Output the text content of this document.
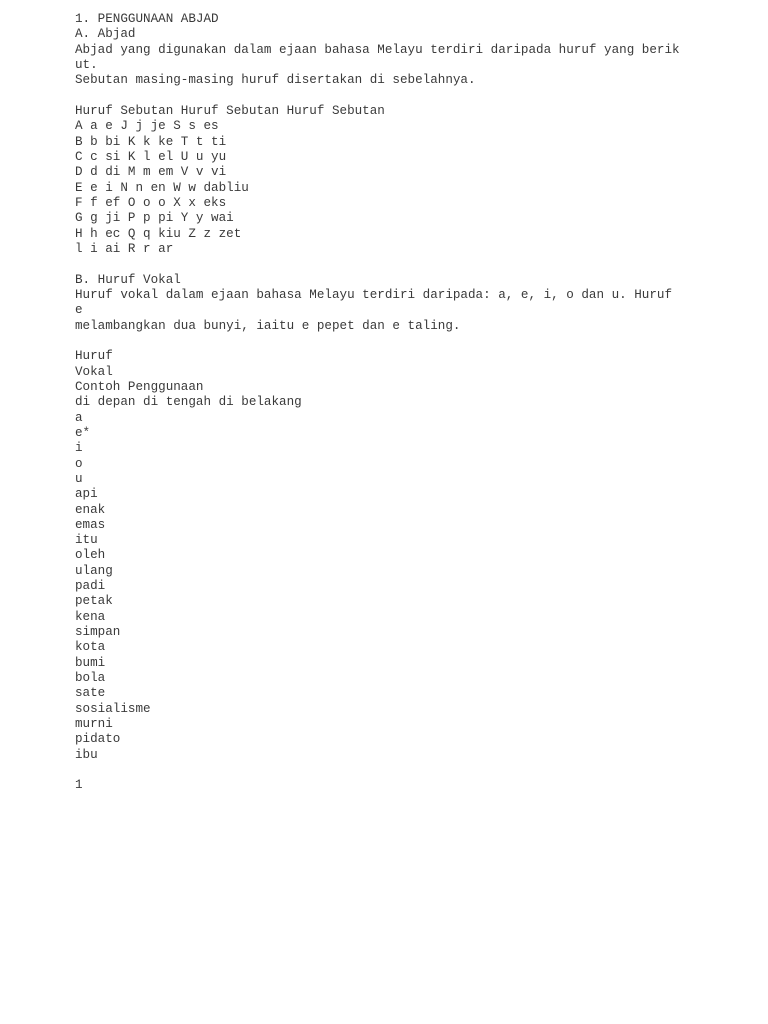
1. PENGGUNAAN ABJAD
A. Abjad
Abjad yang digunakan dalam ejaan bahasa Melayu terdiri daripada huruf yang berik
ut.
Sebutan masing-masing huruf disertakan di sebelahnya.
Huruf Sebutan Huruf Sebutan Huruf Sebutan
A a e J j je S s es
B b bi K k ke T t ti
C c si K l el U u yu
D d di M m em V v vi
E e i N n en W w dabliu
F f ef O o o X x eks
G g ji P p pi Y y wai
H h ec Q q kiu Z z zet
l i ai R r ar
B. Huruf Vokal
Huruf vokal dalam ejaan bahasa Melayu terdiri daripada: a, e, i, o dan u. Huruf
e
melambangkan dua bunyi, iaitu e pepet dan e taling.
Huruf
Vokal
Contoh Penggunaan
di depan di tengah di belakang
a
e*
i
o
u
api
enak
emas
itu
oleh
ulang
padi
petak
kena
simpan
kota
bumi
bola
sate
sosialisme
murni
pidato
ibu
1
